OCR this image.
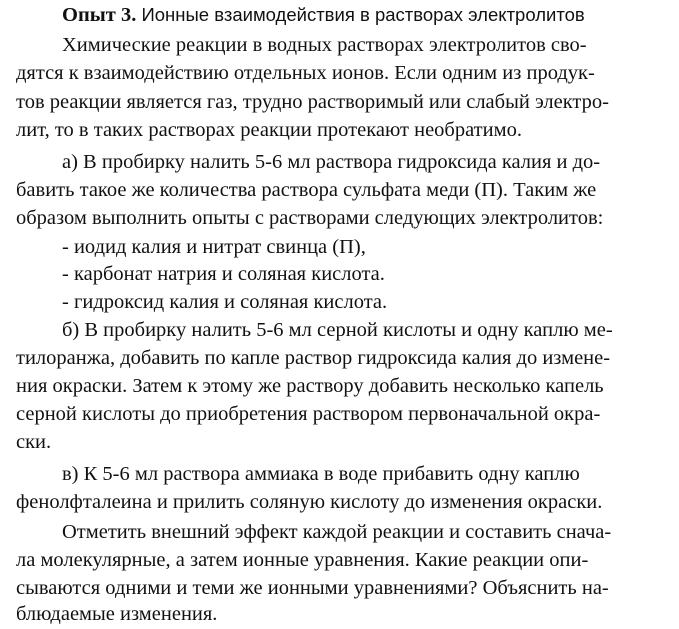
Опыт 3. Ионные взаимодействия в растворах электролитов
Химические реакции в водных растворах электролитов сво-
дятся к взаимодействию отдельных ионов. Если одним из продук-
тов реакции является газ, трудно растворимый или слабый электро-
лит, то в таких растворах реакции протекают необратимо.
а) В пробирку налить 5-6 мл раствора гидроксида калия и до-
бавить такое же количества раствора сульфата меди (П). Таким же
образом выполнить опыты с растворами следующих электролитов:
- иодид калия и нитрат свинца (П),
- карбонат натрия и соляная кислота.
- гидроксид калия и соляная кислота.
б) В пробирку налить 5-6 мл серной кислоты и одну каплю ме-
тилоранжа, добавить по капле раствор гидроксида калия до измене-
ния окраски. Затем к этому же раствору добавить несколько капель
серной кислоты до приобретения раствором первоначальной окра-
ски.
в) К 5-6 мл раствора аммиака в воде прибавить одну каплю
фенолфталеина и прилить соляную кислоту до изменения окраски.
Отметить внешний эффект каждой реакции и составить снача-
ла молекулярные, а затем ионные уравнения. Какие реакции опи-
сываются одними и теми же ионными уравнениями? Объяснить на-
блюдаемые изменения.
